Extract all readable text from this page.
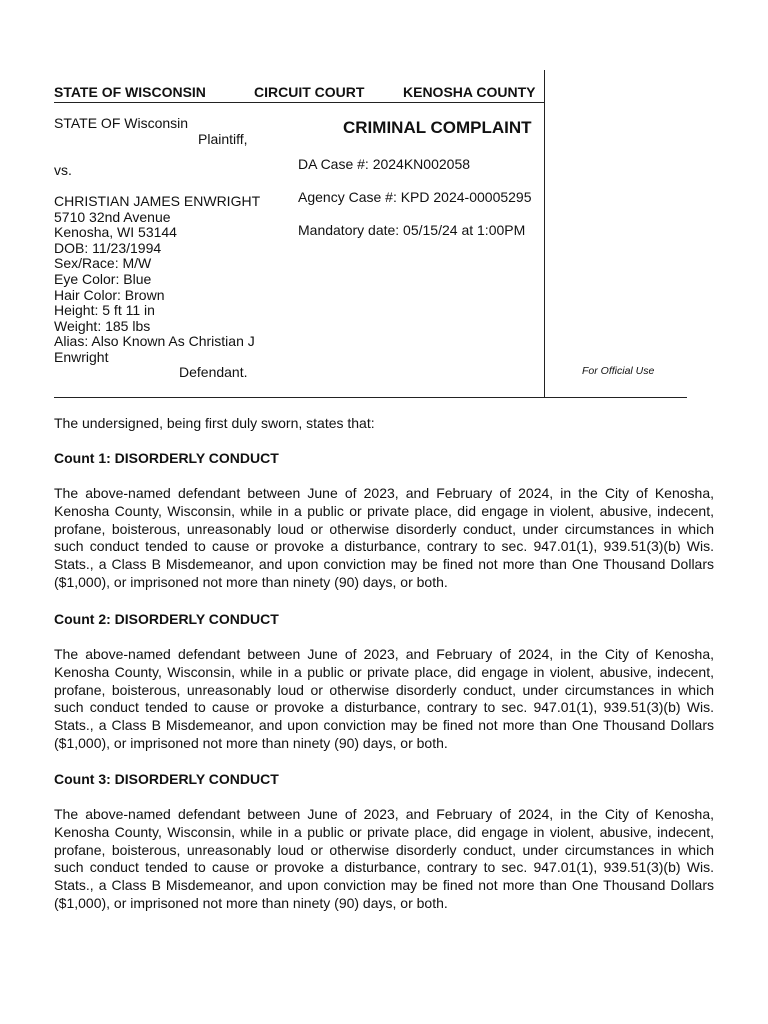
STATE OF WISCONSIN	CIRCUIT COURT	KENOSHA COUNTY
STATE OF Wisconsin
Plaintiff,
vs.
CHRISTIAN JAMES ENWRIGHT
5710 32nd Avenue
Kenosha, WI 53144
DOB: 11/23/1994
Sex/Race: M/W
Eye Color: Blue
Hair Color: Brown
Height: 5 ft 11 in
Weight: 185 lbs
Alias: Also Known As Christian J
Enwright
Defendant.
CRIMINAL COMPLAINT
DA Case #: 2024KN002058
Agency Case #: KPD 2024-00005295
Mandatory date: 05/15/24 at 1:00PM
For Official Use
The undersigned, being first duly sworn, states that:
Count 1: DISORDERLY CONDUCT

The above-named defendant between June of 2023, and February of 2024, in the City of Kenosha, Kenosha County, Wisconsin, while in a public or private place, did engage in violent, abusive, indecent, profane, boisterous, unreasonably loud or otherwise disorderly conduct, under circumstances in which such conduct tended to cause or provoke a disturbance, contrary to sec. 947.01(1), 939.51(3)(b) Wis. Stats., a Class B Misdemeanor, and upon conviction may be fined not more than One Thousand Dollars ($1,000), or imprisoned not more than ninety (90) days, or both.

Count 2: DISORDERLY CONDUCT

The above-named defendant between June of 2023, and February of 2024, in the City of Kenosha, Kenosha County, Wisconsin, while in a public or private place, did engage in violent, abusive, indecent, profane, boisterous, unreasonably loud or otherwise disorderly conduct, under circumstances in which such conduct tended to cause or provoke a disturbance, contrary to sec. 947.01(1), 939.51(3)(b) Wis. Stats., a Class B Misdemeanor, and upon conviction may be fined not more than One Thousand Dollars ($1,000), or imprisoned not more than ninety (90) days, or both.

Count 3: DISORDERLY CONDUCT

The above-named defendant between June of 2023, and February of 2024, in the City of Kenosha, Kenosha County, Wisconsin, while in a public or private place, did engage in violent, abusive, indecent, profane, boisterous, unreasonably loud or otherwise disorderly conduct, under circumstances in which such conduct tended to cause or provoke a disturbance, contrary to sec. 947.01(1), 939.51(3)(b) Wis. Stats., a Class B Misdemeanor, and upon conviction may be fined not more than One Thousand Dollars ($1,000), or imprisoned not more than ninety (90) days, or both.
